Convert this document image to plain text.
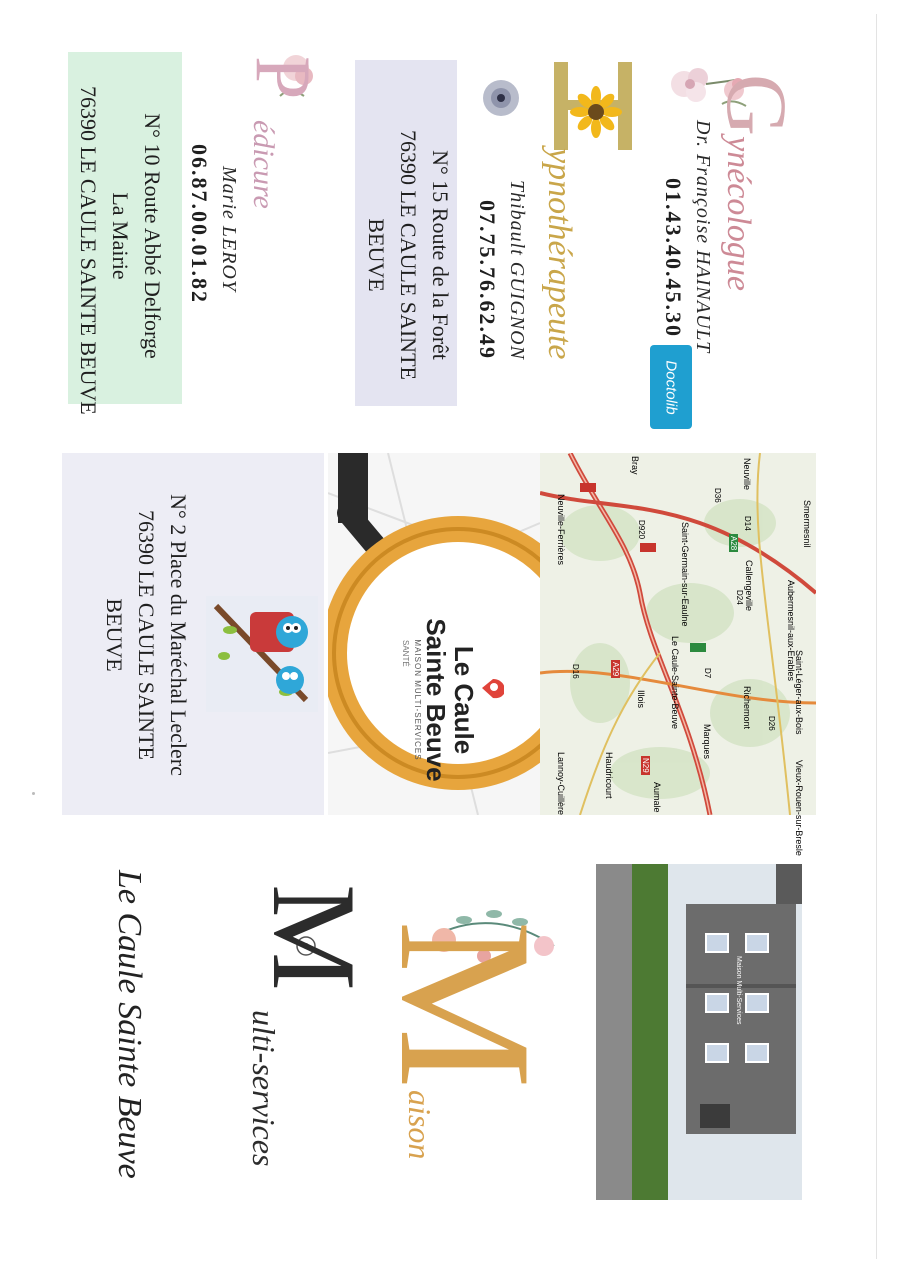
Gynécologue
Dr. Françoise HAINAULT
01.43.40.45.30
Doctolib
ypnothérapeute
Thibault GUIGNON
07.75.76.62.49
N° 15 Route de la Forêt
76390 LE CAULE SAINTE
BEUVE
P
édicure
Marie LEROY
06.87.00.01.82
N° 10 Route Abbé Delforge
La Mairie
76390 LE CAULE SAINTE BEUVE
Smermesnil
Aubermesnil-aux-Erables
Saint-Léger-aux-Bois
Vieux-Rouen-sur-Bresle
Neuville
Callengeville
Richemont
Saint-Germain-sur-Eaulne
Le Caule-Sainte-Beuve
Marques
Illois
Neuville-Ferrières
Haudricourt	Aumale
Lannoy-Cuillère
Bray
A28
A29
N29
D920
D7
D24
D36
D16
D26
D14
Le Caule
Sainte Beuve
MAISON MULTI-SERVICES
SANTÉ
N° 2 Place du Maréchal Leclerc
76390 LE CAULE SAINTE
BEUVE
Maison Multi-Services
M
aison
M
ulti-services
Le Caule Sainte Beuve
